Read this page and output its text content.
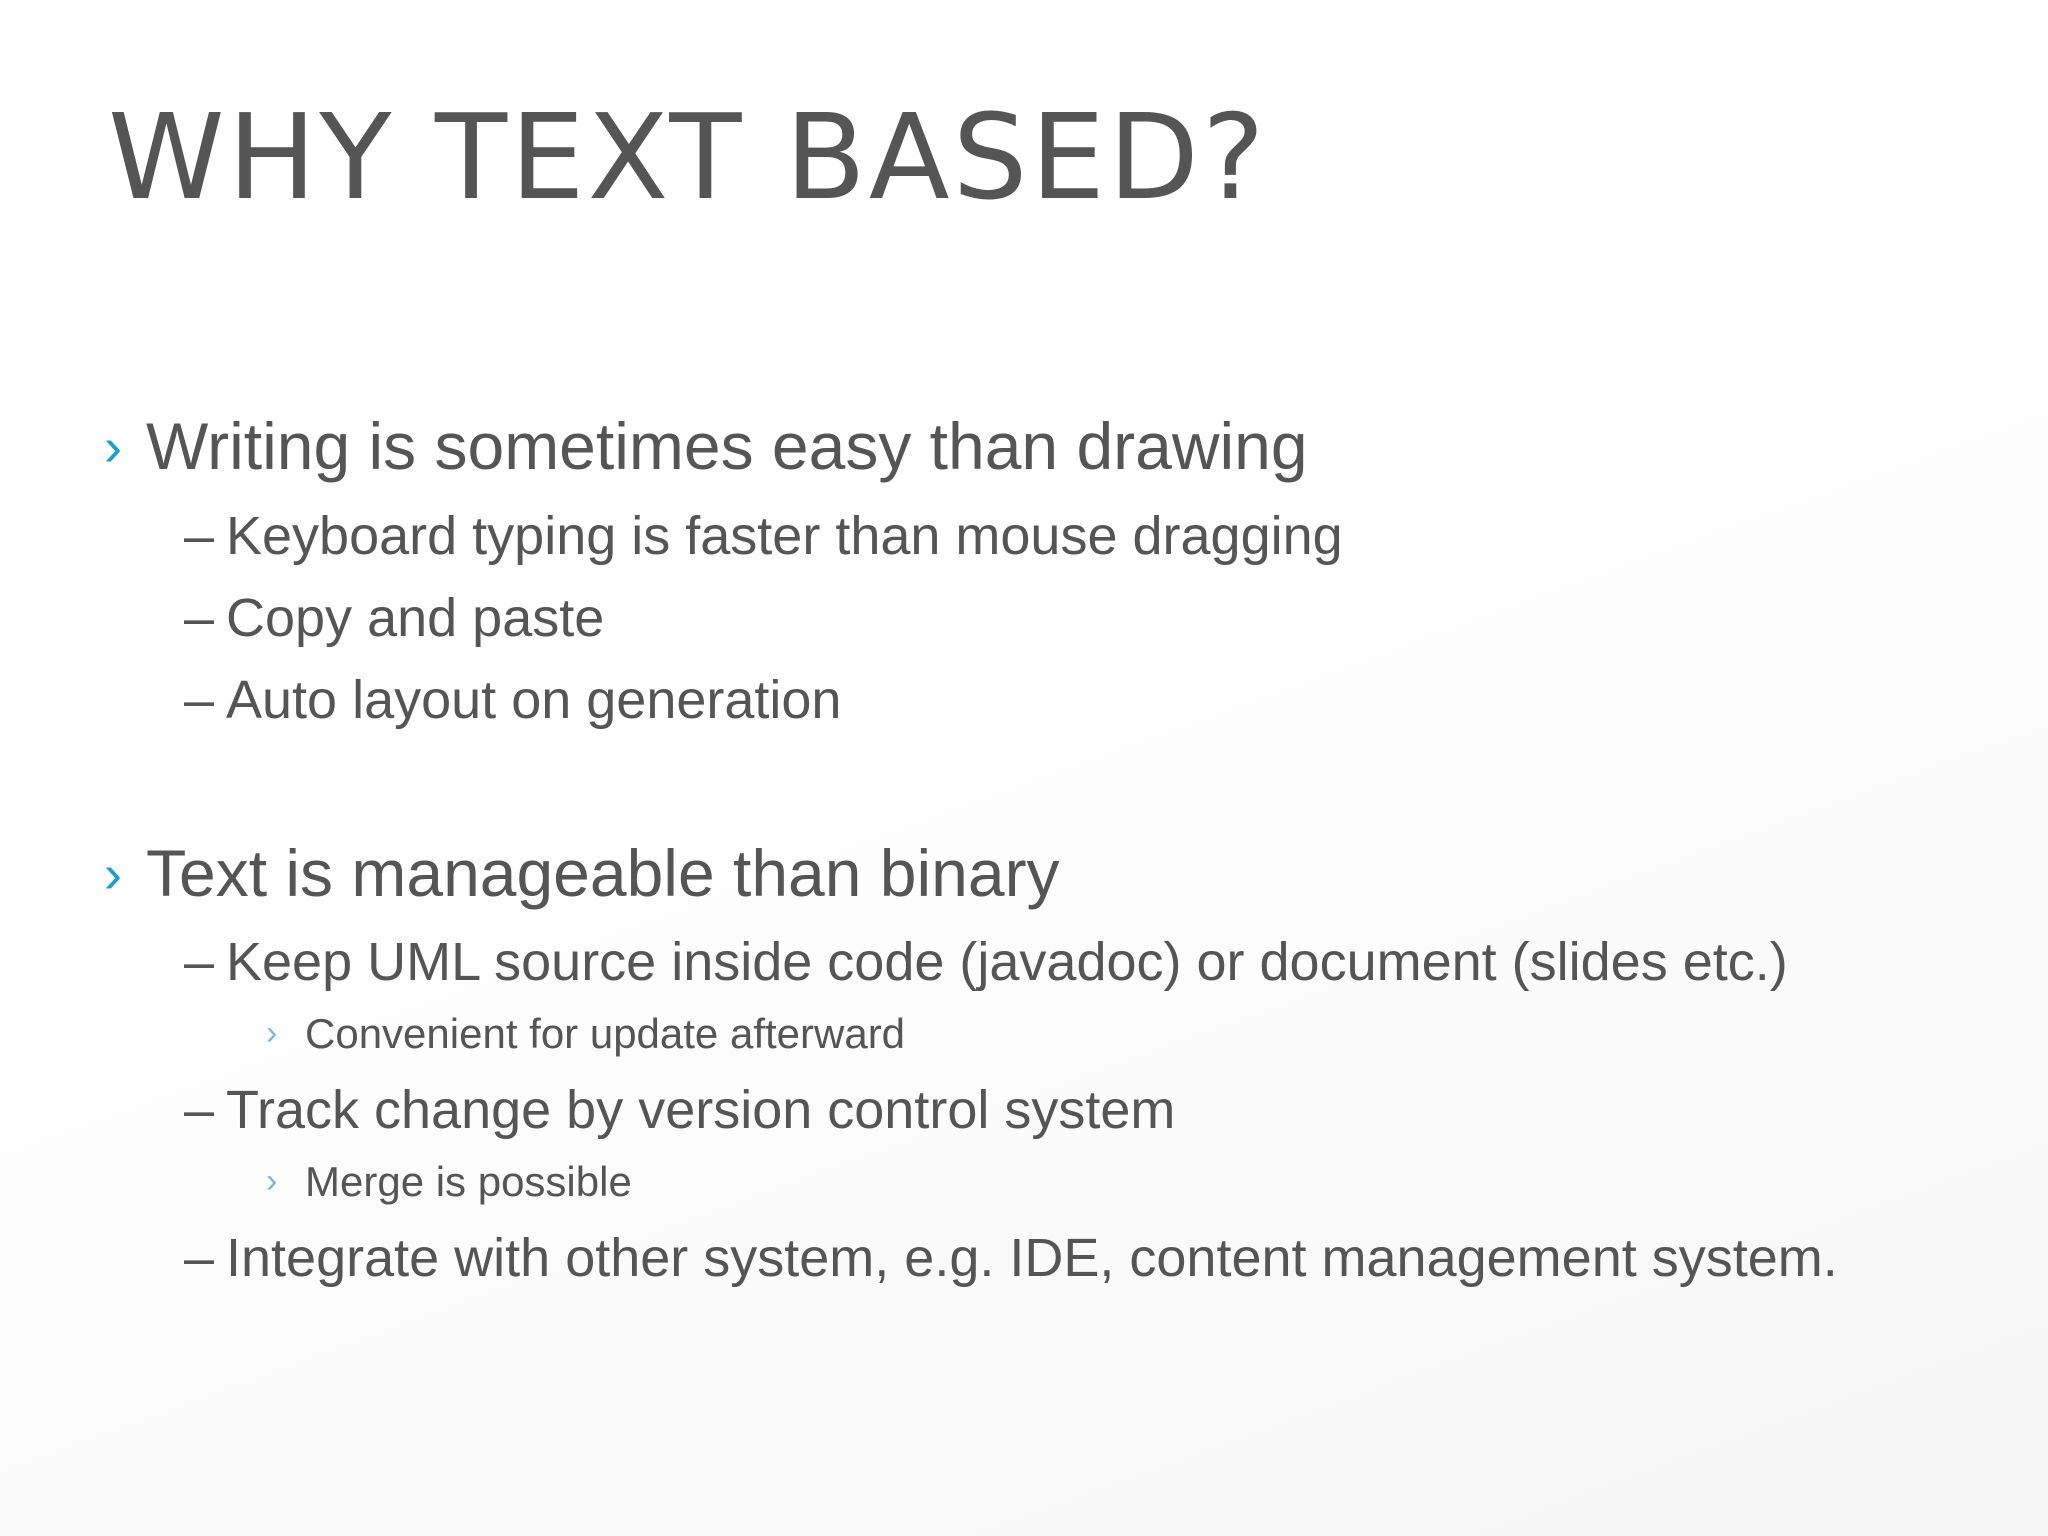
WHY TEXT BASED?
› Writing is sometimes easy than drawing
– Keyboard typing is faster than mouse dragging
– Copy and paste
– Auto layout on generation
› Text is manageable than binary
– Keep UML source inside code (javadoc) or document (slides etc.)
› Convenient for update afterward
– Track change by version control system
› Merge is possible
– Integrate with other system, e.g. IDE, content management system.
